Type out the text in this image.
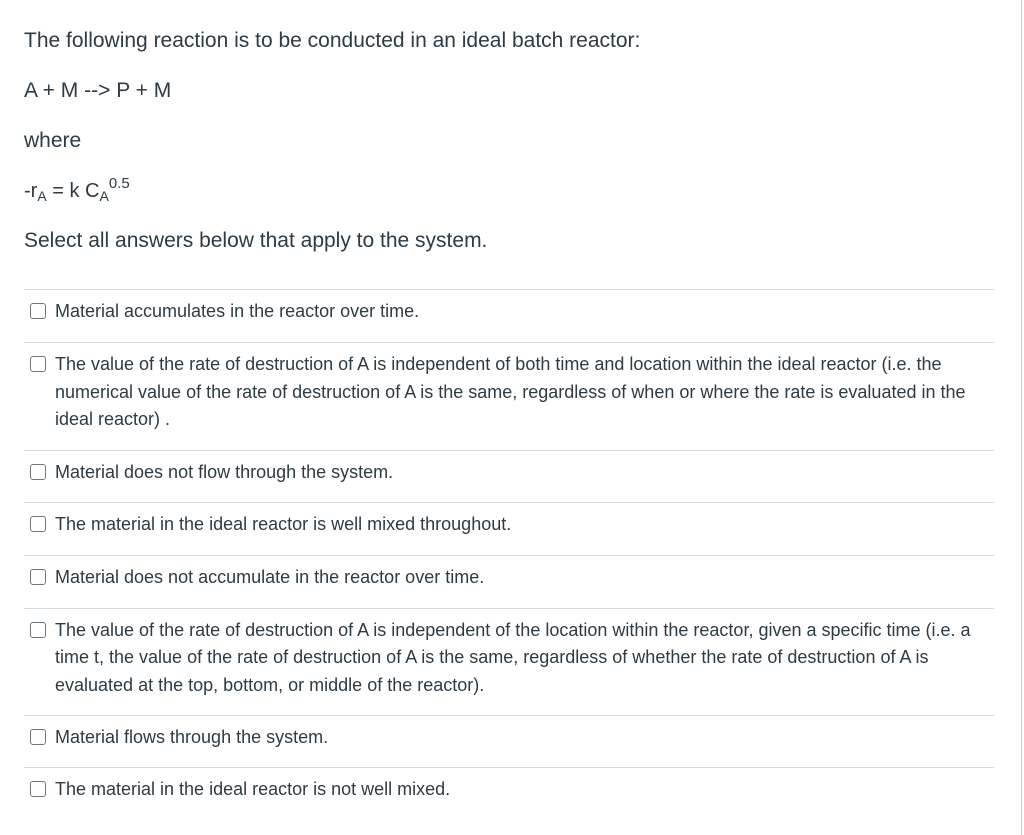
The following reaction is to be conducted in an ideal batch reactor:

A + M --> P + M

where

$-r_A = k$ $C_A^{0.5}$

Select all answers below that apply to the system.

Material accumulates in the reactor over time.
The value of the rate of destruction of A is independent of both time and location within the ideal reactor (i.e. the numerical value of the rate of destruction of A is the same, regardless of when or where the rate is evaluated in the ideal reactor) .
Material does not flow through the system.
The material in the ideal reactor is well mixed throughout.
Material does not accumulate in the reactor over time.
The value of the rate of destruction of A is independent of the location within the reactor, given a specific time (i.e. a time t, the value of the rate of destruction of A is the same, regardless of whether the rate of destruction of A is evaluated at the top, bottom, or middle of the reactor).
Material flows through the system.
The material in the ideal reactor is not well mixed.
